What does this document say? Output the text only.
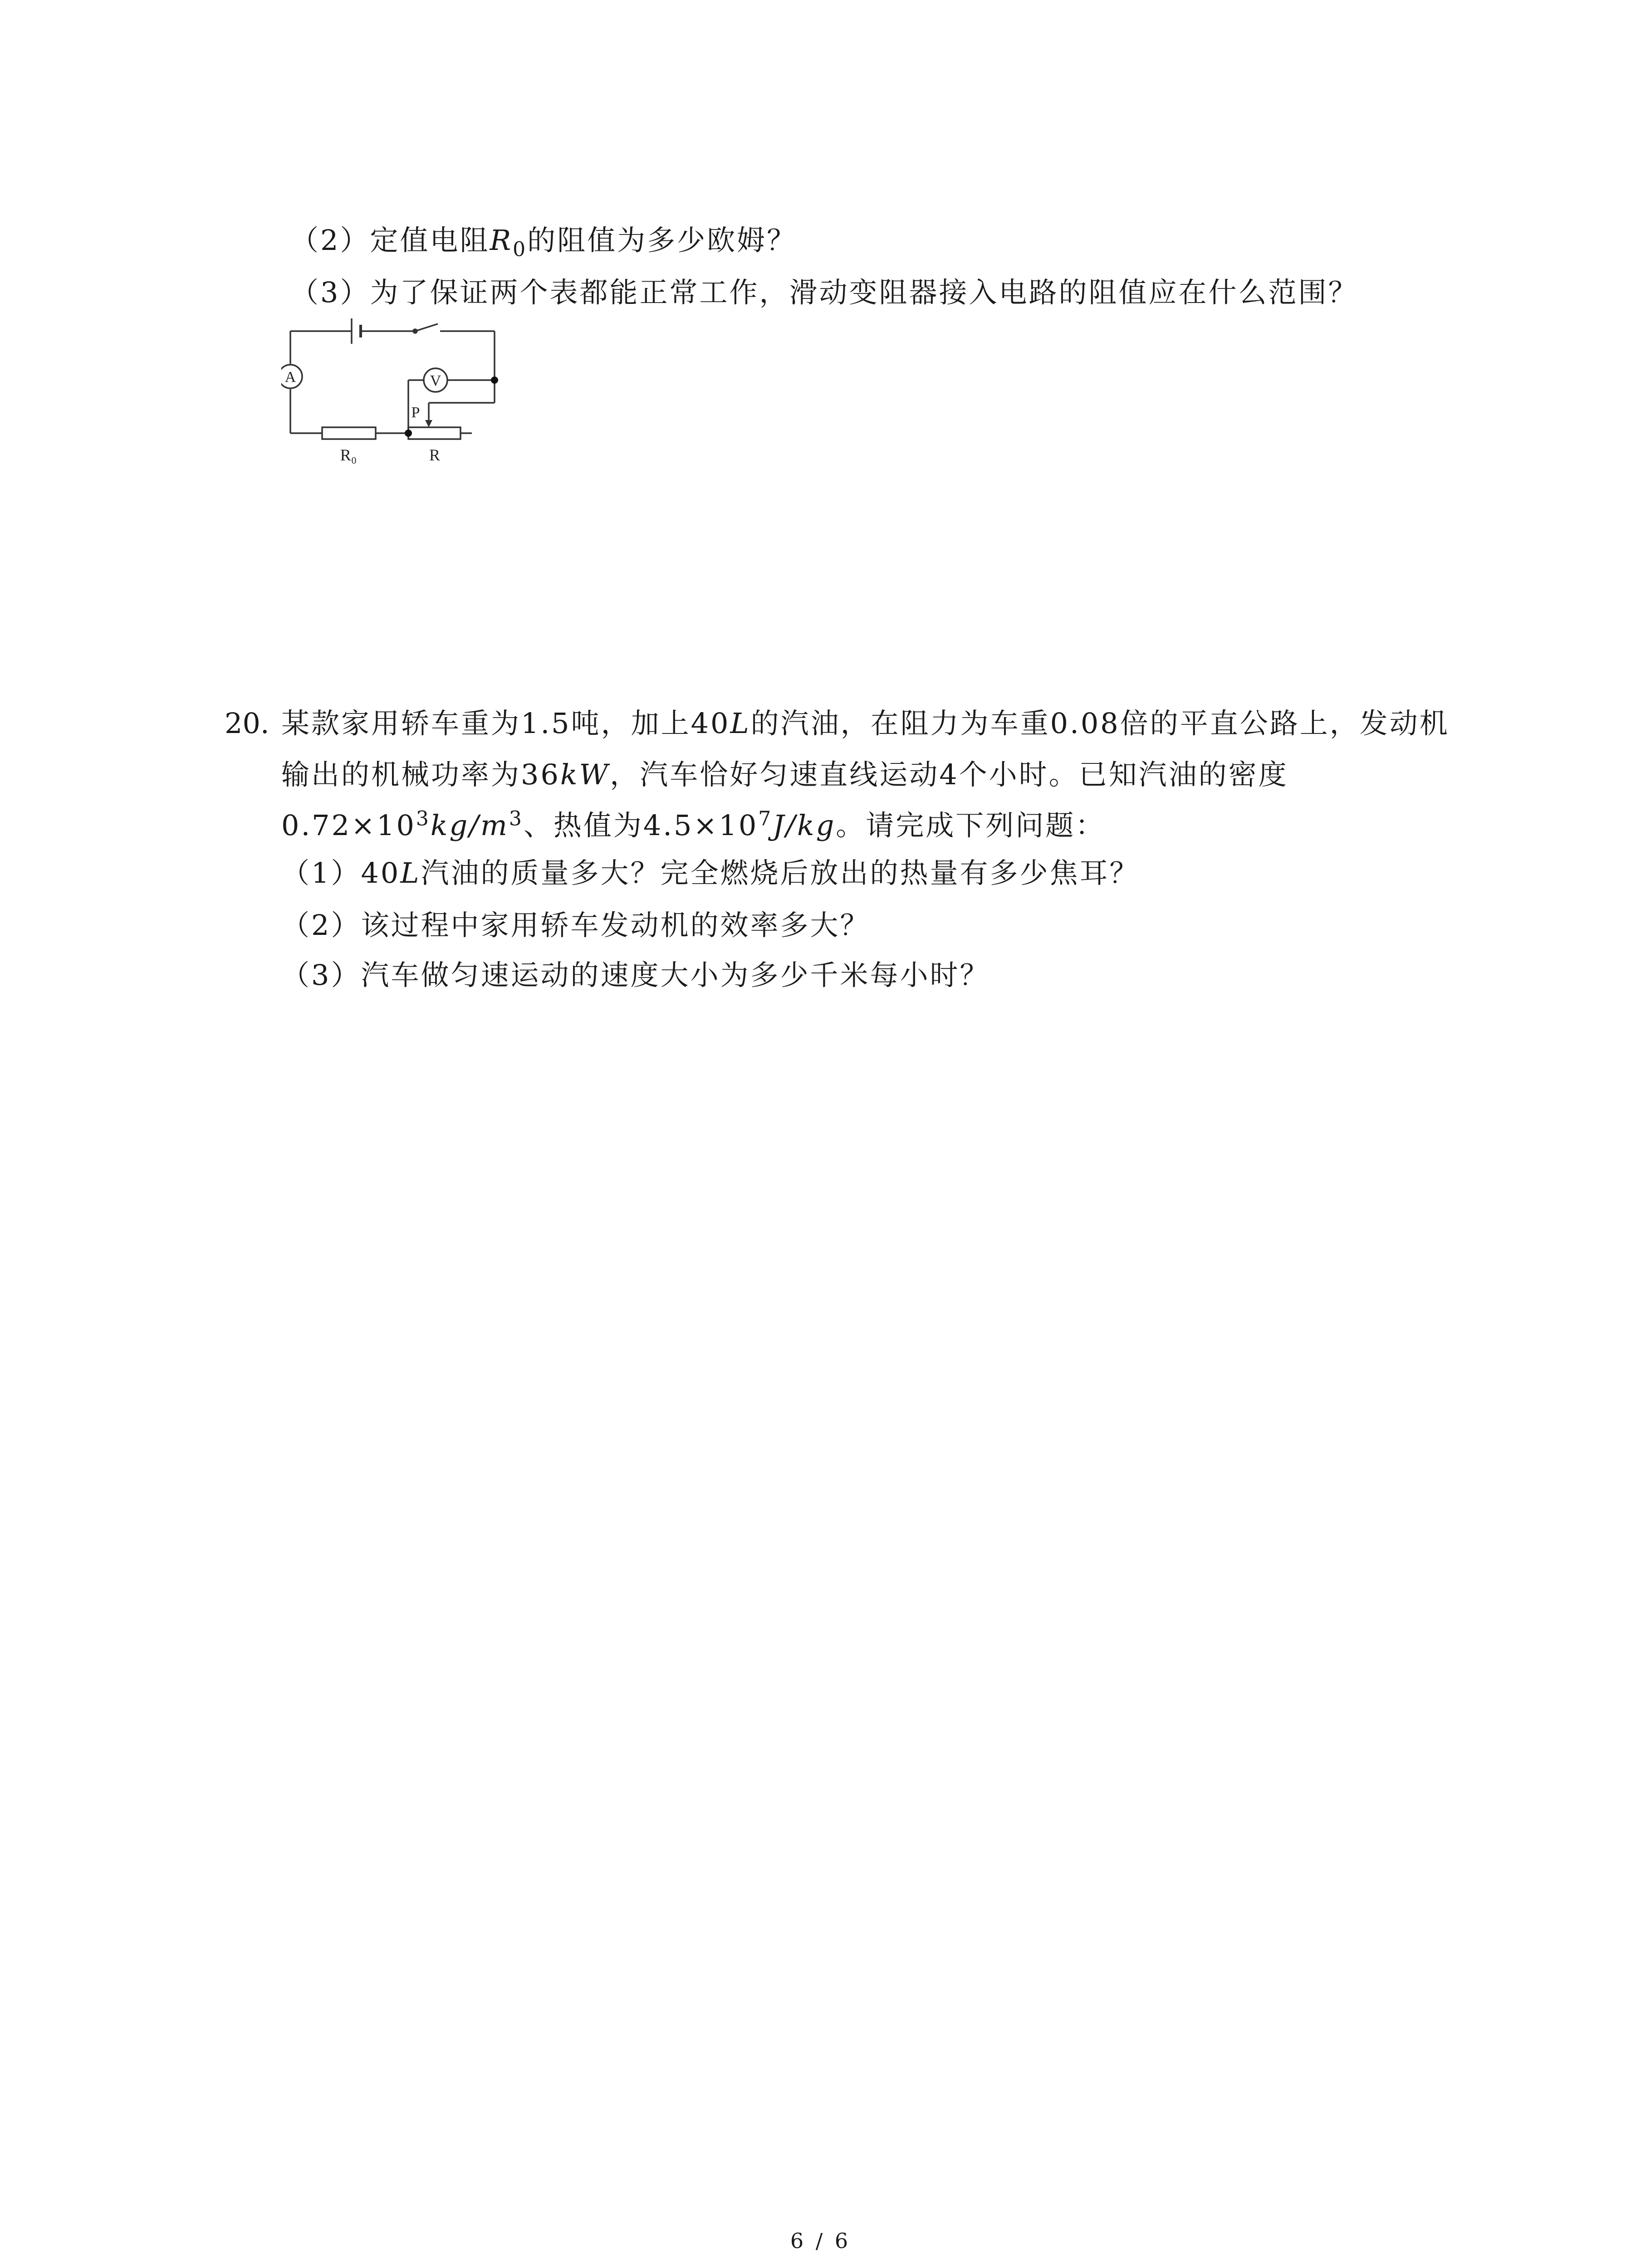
（2）定值电阻$R_0$的阻值为多少欧姆？
（3）为了保证两个表都能正常工作，滑动变阻器接入电路的阻值应在什么范围？
A	V
P
R₀	R
20. 某款家用轿车重为1.5吨，加上40L的汽油，在阻力为车重0.08倍的平直公路上，发动机
输出的机械功率为36kW，汽车恰好匀速直线运动4个小时。已知汽油的密度
$0.72\times 10^3kg/m^3$、热值为$4.5\times 10^7J/kg$。请完成下列问题：
（1）40L汽油的质量多大？完全燃烧后放出的热量有多少焦耳？
（2）该过程中家用轿车发动机的效率多大？
（3）汽车做匀速运动的速度大小为多少千米每小时？
6 / 6
